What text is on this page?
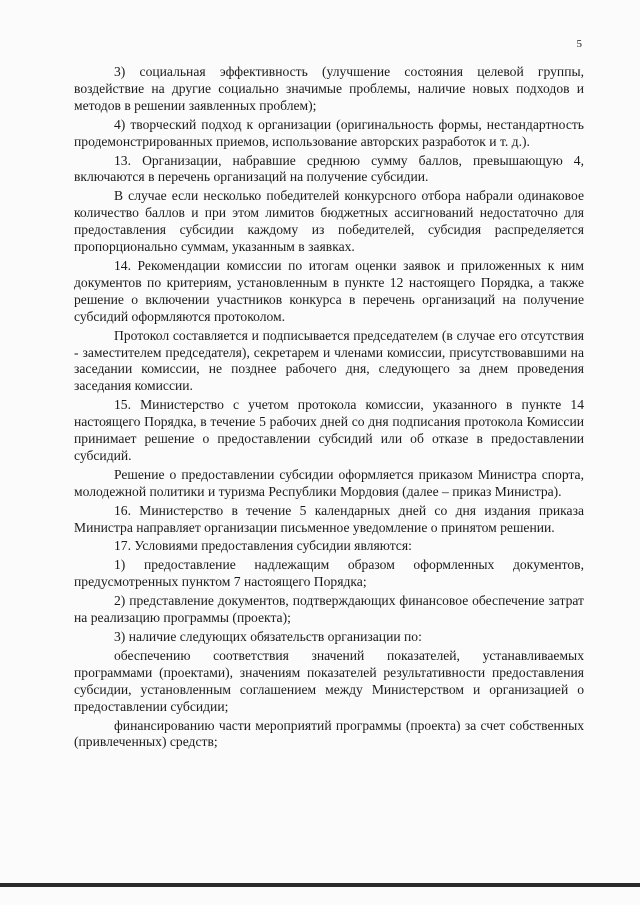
5

3) социальная эффективность (улучшение состояния целевой группы, воздействие на другие социально значимые проблемы, наличие новых подходов и методов в решении заявленных проблем);

4) творческий подход к организации (оригинальность формы, нестандартность продемонстрированных приемов, использование авторских разработок и т. д.).

13. Организации, набравшие среднюю сумму баллов, превышающую 4, включаются в перечень организаций на получение субсидии.

В случае если несколько победителей конкурсного отбора набрали одинаковое количество баллов и при этом лимитов бюджетных ассигнований недостаточно для предоставления субсидии каждому из победителей, субсидия распределяется пропорционально суммам, указанным в заявках.

14. Рекомендации комиссии по итогам оценки заявок и приложенных к ним документов по критериям, установленным в пункте 12 настоящего Порядка, а также решение о включении участников конкурса в перечень организаций на получение субсидий оформляются протоколом.

Протокол составляется и подписывается председателем (в случае его отсутствия - заместителем председателя), секретарем и членами комиссии, присутствовавшими на заседании комиссии, не позднее рабочего дня, следующего за днем проведения заседания комиссии.

15. Министерство с учетом протокола комиссии, указанного в пункте 14 настоящего Порядка, в течение 5 рабочих дней со дня подписания протокола Комиссии принимает решение о предоставлении субсидий или об отказе в предоставлении субсидий.

Решение о предоставлении субсидии оформляется приказом Министра спорта, молодежной политики и туризма Республики Мордовия (далее – приказ Министра).

16. Министерство в течение 5 календарных дней со дня издания приказа Министра направляет организации письменное уведомление о принятом решении.

17. Условиями предоставления субсидии являются:

1) предоставление надлежащим образом оформленных документов, предусмотренных пунктом 7 настоящего Порядка;

2) представление документов, подтверждающих финансовое обеспечение затрат на реализацию программы (проекта);

3) наличие следующих обязательств организации по:

обеспечению соответствия значений показателей, устанавливаемых программами (проектами), значениям показателей результативности предоставления субсидии, установленным соглашением между Министерством и организацией о предоставлении субсидии;

финансированию части мероприятий программы (проекта) за счет собственных (привлеченных) средств;
